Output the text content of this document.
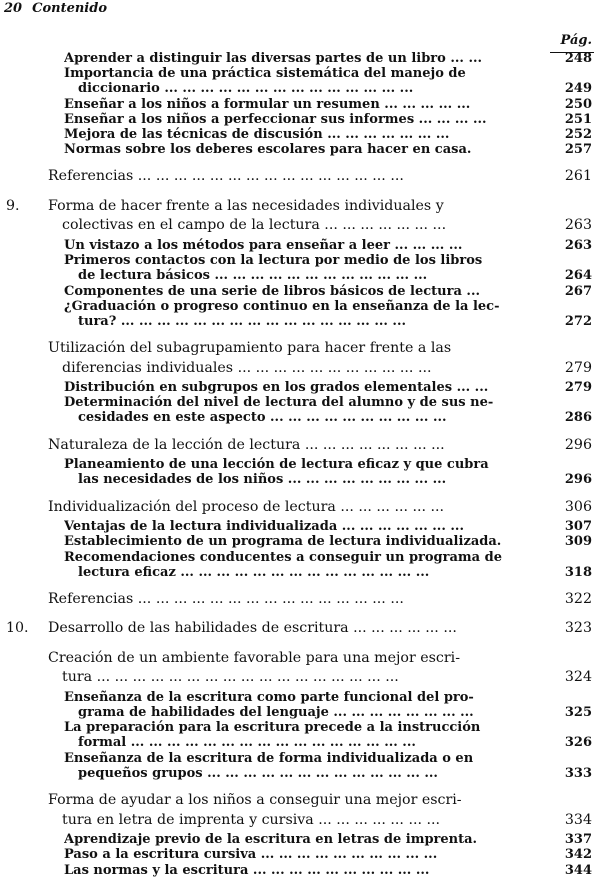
20 Contenido
Pág.
Aprender a distinguir las diversas partes de un libro ... ...	248
Importancia de una práctica sistemática del manejo de
diccionario ... ... ... ... ... ... ... ... ... ... ... ... ... ...	249
Enseñar a los niños a formular un resumen ... ... ... ... ...	250
Enseñar a los niños a perfeccionar sus informes ... ... ... ...	251
Mejora de las técnicas de discusión ... ... ... ... ... ... ...	252
Normas sobre los deberes escolares para hacer en casa.	257
Referencias ... ... ... ... ... ... ... ... ... ... ... ... ... ... ...	261
9. Forma de hacer frente a las necesidades individuales y
colectivas en el campo de la lectura ... ... ... ... ... ... ...	263
Un vistazo a los métodos para enseñar a leer ... ... ... ...	263
Primeros contactos con la lectura por medio de los libros
de lectura básicos ... ... ... ... ... ... ... ... ... ... ... ...	264
Componentes de una serie de libros básicos de lectura ...	267
¿Graduación o progreso continuo en la enseñanza de la lec-
tura? ... ... ... ... ... ... ... ... ... ... ... ... ... ... ... ...	272
Utilización del subagrupamiento para hacer frente a las
diferencias individuales ... ... ... ... ... ... ... ... ... ... ...	279
Distribución en subgrupos en los grados elementales ... ...	279
Determinación del nivel de lectura del alumno y de sus ne-
cesidades en este aspecto ... ... ... ... ... ... ... ... ... ...	286
Naturaleza de la lección de lectura ... ... ... ... ... ... ... ...	296
Planeamiento de una lección de lectura eficaz y que cubra
las necesidades de los niños ... ... ... ... ... ... ... ... ...	296
Individualización del proceso de lectura ... ... ... ... ... ...	306
Ventajas de la lectura individualizada ... ... ... ... ... ... ...	307
Establecimiento de un programa de lectura individualizada.	309
Recomendaciones conducentes a conseguir un programa de
lectura eficaz ... ... ... ... ... ... ... ... ... ... ... ... ... ...	318
Referencias ... ... ... ... ... ... ... ... ... ... ... ... ... ... ...	322
10. Desarrollo de las habilidades de escritura ... ... ... ... ... ...	323
Creación de un ambiente favorable para una mejor escri-
tura ... ... ... ... ... ... ... ... ... ... ... ... ... ... ... ... ...	324
Enseñanza de la escritura como parte funcional del pro-
grama de habilidades del lenguaje ... ... ... ... ... ... ... ...	325
La preparación para la escritura precede a la instrucción
formal ... ... ... ... ... ... ... ... ... ... ... ... ... ... ... ...	326
Enseñanza de la escritura de forma individualizada o en
pequeños grupos ... ... ... ... ... ... ... ... ... ... ... ... ...	333
Forma de ayudar a los niños a conseguir una mejor escri-
tura en letra de imprenta y cursiva ... ... ... ... ... ... ...	334
Aprendizaje previo de la escritura en letras de imprenta.	337
Paso a la escritura cursiva ... ... ... ... ... ... ... ... ... ...	342
Las normas y la escritura ... ... ... ... ... ... ... ... ... ...	344
